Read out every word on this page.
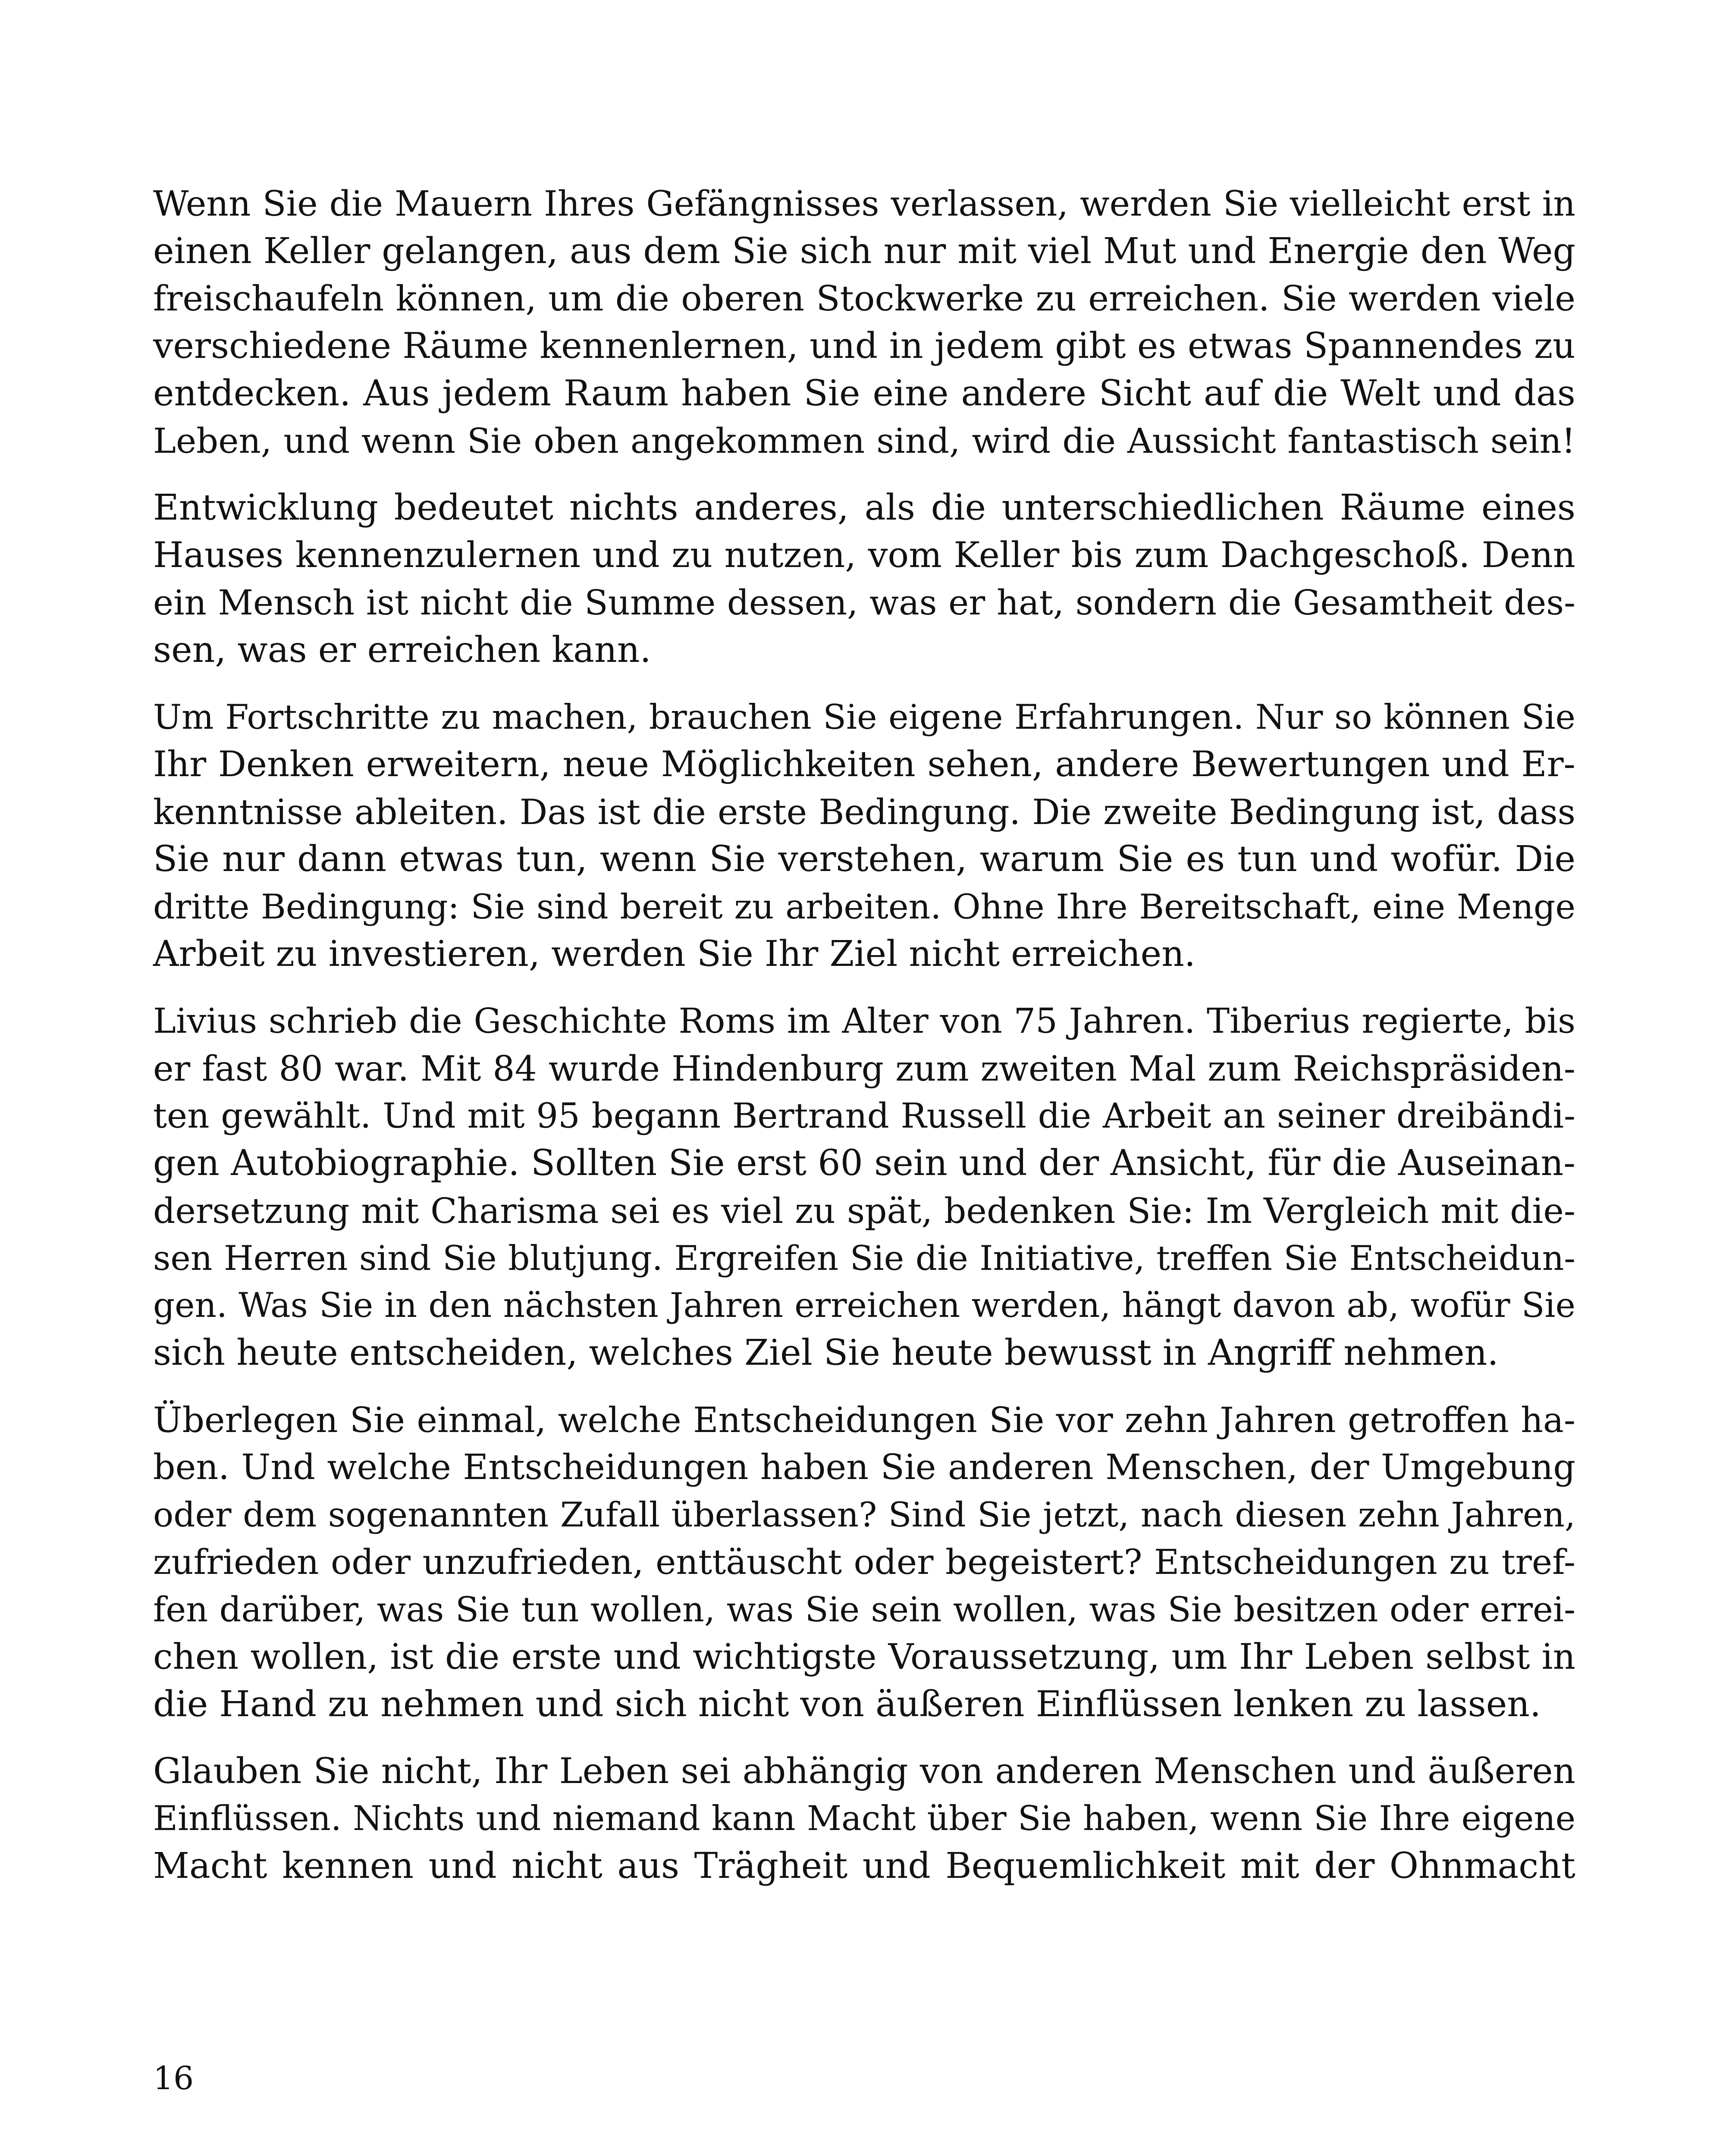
Wenn Sie die Mauern Ihres Gefängnisses verlassen, werden Sie vielleicht erst in
einen Keller gelangen, aus dem Sie sich nur mit viel Mut und Energie den Weg
freischaufeln können, um die oberen Stockwerke zu erreichen. Sie werden viele
verschiedene Räume kennenlernen, und in jedem gibt es etwas Spannendes zu
entdecken. Aus jedem Raum haben Sie eine andere Sicht auf die Welt und das
Leben, und wenn Sie oben angekommen sind, wird die Aussicht fantastisch sein!
Entwicklung bedeutet nichts anderes, als die unterschiedlichen Räume eines
Hauses kennenzulernen und zu nutzen, vom Keller bis zum Dachgeschoß. Denn
ein Mensch ist nicht die Summe dessen, was er hat, sondern die Gesamtheit des-
sen, was er erreichen kann.
Um Fortschritte zu machen, brauchen Sie eigene Erfahrungen. Nur so können Sie
Ihr Denken erweitern, neue Möglichkeiten sehen, andere Bewertungen und Er-
kenntnisse ableiten. Das ist die erste Bedingung. Die zweite Bedingung ist, dass
Sie nur dann etwas tun, wenn Sie verstehen, warum Sie es tun und wofür. Die
dritte Bedingung: Sie sind bereit zu arbeiten. Ohne Ihre Bereitschaft, eine Menge
Arbeit zu investieren, werden Sie Ihr Ziel nicht erreichen.
Livius schrieb die Geschichte Roms im Alter von 75 Jahren. Tiberius regierte, bis
er fast 80 war. Mit 84 wurde Hindenburg zum zweiten Mal zum Reichspräsiden-
ten gewählt. Und mit 95 begann Bertrand Russell die Arbeit an seiner dreibändi-
gen Autobiographie. Sollten Sie erst 60 sein und der Ansicht, für die Auseinan-
dersetzung mit Charisma sei es viel zu spät, bedenken Sie: Im Vergleich mit die-
sen Herren sind Sie blutjung. Ergreifen Sie die Initiative, treffen Sie Entscheidun-
gen. Was Sie in den nächsten Jahren erreichen werden, hängt davon ab, wofür Sie
sich heute entscheiden, welches Ziel Sie heute bewusst in Angriff nehmen.
Überlegen Sie einmal, welche Entscheidungen Sie vor zehn Jahren getroffen ha-
ben. Und welche Entscheidungen haben Sie anderen Menschen, der Umgebung
oder dem sogenannten Zufall überlassen? Sind Sie jetzt, nach diesen zehn Jahren,
zufrieden oder unzufrieden, enttäuscht oder begeistert? Entscheidungen zu tref-
fen darüber, was Sie tun wollen, was Sie sein wollen, was Sie besitzen oder errei-
chen wollen, ist die erste und wichtigste Voraussetzung, um Ihr Leben selbst in
die Hand zu nehmen und sich nicht von äußeren Einflüssen lenken zu lassen.
Glauben Sie nicht, Ihr Leben sei abhängig von anderen Menschen und äußeren
Einflüssen. Nichts und niemand kann Macht über Sie haben, wenn Sie Ihre eigene
Macht kennen und nicht aus Trägheit und Bequemlichkeit mit der Ohnmacht
16
